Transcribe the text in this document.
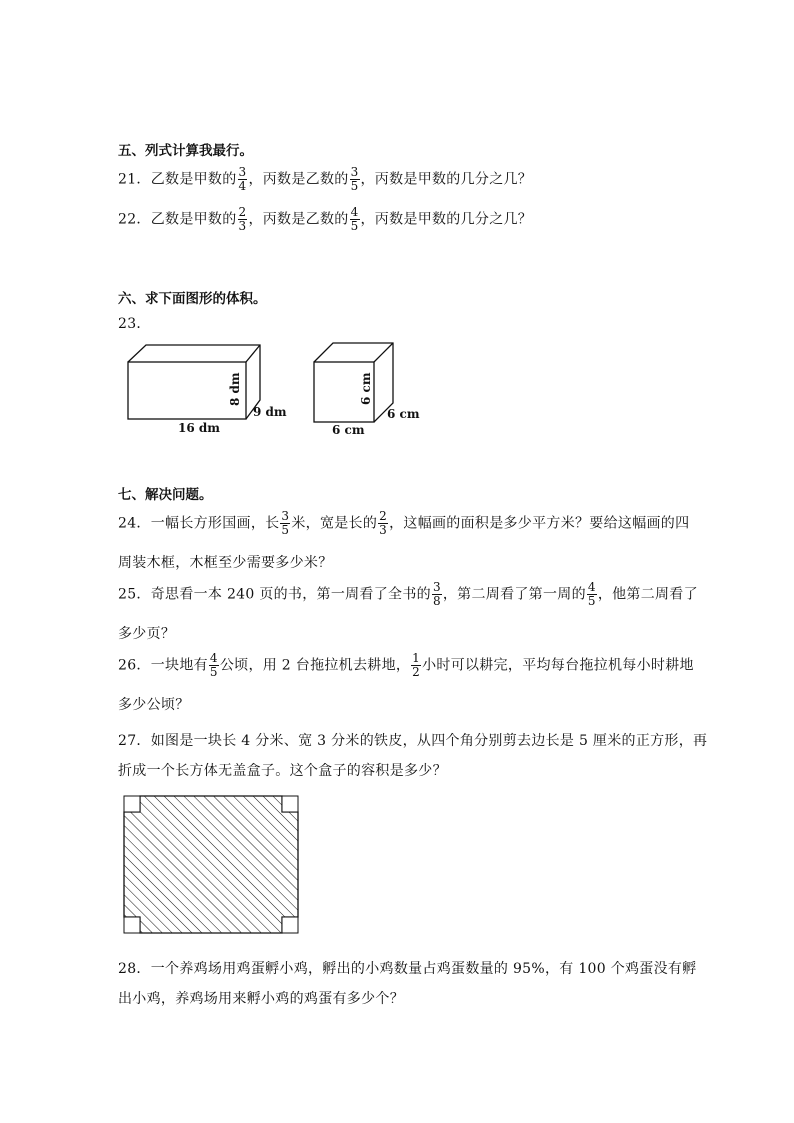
五、列式计算我最行。
21．乙数是甲数的 $\frac{3}{4}$ ，丙数是乙数的 $\frac{3}{5}$ ，丙数是甲数的几分之几？
22．乙数是甲数的 $\frac{2}{3}$ ，丙数是乙数的 $\frac{4}{5}$ ，丙数是甲数的几分之几？
六、求下面图形的体积。
23．
8 dm
9 dm
16 dm
6 cm
6 cm
6 cm
七、解决问题。
24．一幅长方形国画，长 $\frac{3}{5}$ 米，宽是长的 $\frac{2}{3}$ ，这幅画的面积是多少平方米？要给这幅画的四
周装木框，木框至少需要多少米？
25．奇思看一本 240 页的书，第一周看了全书的 $\frac{3}{8}$ ，第二周看了第一周的 $\frac{4}{5}$ ，他第二周看了
多少页？
26．一块地有 $\frac{4}{5}$ 公顷，用 2 台拖拉机去耕地， $\frac{1}{2}$ 小时可以耕完，平均每台拖拉机每小时耕地
多少公顷？
27．如图是一块长 4 分米、宽 3 分米的铁皮，从四个角分别剪去边长是 5 厘米的正方形，再
折成一个长方体无盖盒子。这个盒子的容积是多少？
28．一个养鸡场用鸡蛋孵小鸡，孵出的小鸡数量占鸡蛋数量的 95%，有 100 个鸡蛋没有孵
出小鸡，养鸡场用来孵小鸡的鸡蛋有多少个？
